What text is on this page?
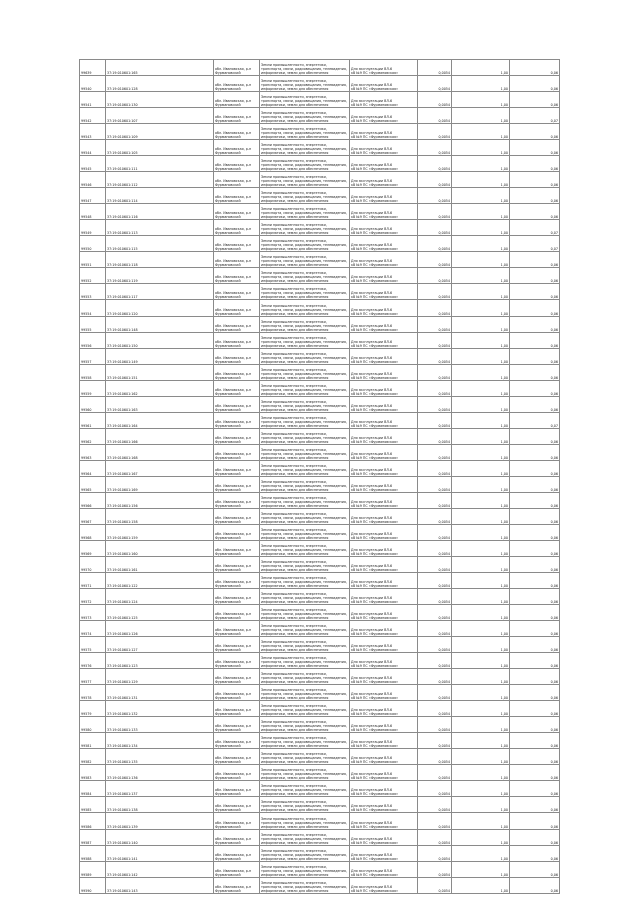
99639	37:19:010601:165	обл. Ивановская, р-н
Фурмановский	Земли промышленности, энергетики,
транспорта, связи, радиовещания, телевидения,
информатики, земли для обеспечения	Для эксплуатации ВЛ-6
кВ №9 ПС «Фурмановская»	0,0054	1,00	0,06
99540	37:19:010601:128	обл. Ивановская, р-н
Фурмановский	Земли промышленности, энергетики,
транспорта, связи, радиовещания, телевидения,
информатики, земли для обеспечения	Для эксплуатации ВЛ-6
кВ №9 ПС «Фурмановская»	0,0054	1,00	0,06
99541	37:19:010601:130	обл. Ивановская, р-н
Фурмановский	Земли промышленности, энергетики,
транспорта, связи, радиовещания, телевидения,
информатики, земли для обеспечения	Для эксплуатации ВЛ-6
кВ №9 ПС «Фурмановская»	0,0054	1,00	0,06
99542	37:19:010601:107	обл. Ивановская, р-н
Фурмановский	Земли промышленности, энергетики,
транспорта, связи, радиовещания, телевидения,
информатики, земли для обеспечения	Для эксплуатации ВЛ-6
кВ №9 ПС «Фурмановская»	0,0054	1,00	0,07
99543	37:19:010601:109	обл. Ивановская, р-н
Фурмановский	Земли промышленности, энергетики,
транспорта, связи, радиовещания, телевидения,
информатики, земли для обеспечения	Для эксплуатации ВЛ-6
кВ №9 ПС «Фурмановская»	0,0054	1,00	0,06
99544	37:19:010601:105	обл. Ивановская, р-н
Фурмановский	Земли промышленности, энергетики,
транспорта, связи, радиовещания, телевидения,
информатики, земли для обеспечения	Для эксплуатации ВЛ-6
кВ №9 ПС «Фурмановская»	0,0054	1,00	0,06
99545	37:19:010601:111	обл. Ивановская, р-н
Фурмановский	Земли промышленности, энергетики,
транспорта, связи, радиовещания, телевидения,
информатики, земли для обеспечения	Для эксплуатации ВЛ-6
кВ №9 ПС «Фурмановская»	0,0054	1,00	0,06
99546	37:19:010601:112	обл. Ивановская, р-н
Фурмановский	Земли промышленности, энергетики,
транспорта, связи, радиовещания, телевидения,
информатики, земли для обеспечения	Для эксплуатации ВЛ-6
кВ №9 ПС «Фурмановская»	0,0054	1,00	0,06
99547	37:19:010601:114	обл. Ивановская, р-н
Фурмановский	Земли промышленности, энергетики,
транспорта, связи, радиовещания, телевидения,
информатики, земли для обеспечения	Для эксплуатации ВЛ-6
кВ №9 ПС «Фурмановская»	0,0054	1,00	0,06
99548	37:19:010601:116	обл. Ивановская, р-н
Фурмановский	Земли промышленности, энергетики,
транспорта, связи, радиовещания, телевидения,
информатики, земли для обеспечения	Для эксплуатации ВЛ-6
кВ №9 ПС «Фурмановская»	0,0054	1,00	0,06
99549	37:19:010601:113	обл. Ивановская, р-н
Фурмановский	Земли промышленности, энергетики,
транспорта, связи, радиовещания, телевидения,
информатики, земли для обеспечения	Для эксплуатации ВЛ-6
кВ №9 ПС «Фурмановская»	0,0054	1,00	0,07
99550	37:19:010601:115	обл. Ивановская, р-н
Фурмановский	Земли промышленности, энергетики,
транспорта, связи, радиовещания, телевидения,
информатики, земли для обеспечения	Для эксплуатации ВЛ-6
кВ №9 ПС «Фурмановская»	0,0054	1,00	0,07
99551	37:19:010601:118	обл. Ивановская, р-н
Фурмановский	Земли промышленности, энергетики,
транспорта, связи, радиовещания, телевидения,
информатики, земли для обеспечения	Для эксплуатации ВЛ-6
кВ №9 ПС «Фурмановская»	0,0054	1,00	0,06
99552	37:19:010601:119	обл. Ивановская, р-н
Фурмановский	Земли промышленности, энергетики,
транспорта, связи, радиовещания, телевидения,
информатики, земли для обеспечения	Для эксплуатации ВЛ-6
кВ №9 ПС «Фурмановская»	0,0054	1,00	0,06
99553	37:19:010601:117	обл. Ивановская, р-н
Фурмановский	Земли промышленности, энергетики,
транспорта, связи, радиовещания, телевидения,
информатики, земли для обеспечения	Для эксплуатации ВЛ-6
кВ №9 ПС «Фурмановская»	0,0054	1,00	0,06
99554	37:19:010601:120	обл. Ивановская, р-н
Фурмановский	Земли промышленности, энергетики,
транспорта, связи, радиовещания, телевидения,
информатики, земли для обеспечения	Для эксплуатации ВЛ-6
кВ №9 ПС «Фурмановская»	0,0054	1,00	0,06
99555	37:19:010601:148	обл. Ивановская, р-н
Фурмановский	Земли промышленности, энергетики,
транспорта, связи, радиовещания, телевидения,
информатики, земли для обеспечения	Для эксплуатации ВЛ-6
кВ №9 ПС «Фурмановская»	0,0054	1,00	0,06
99556	37:19:010601:150	обл. Ивановская, р-н
Фурмановский	Земли промышленности, энергетики,
транспорта, связи, радиовещания, телевидения,
информатики, земли для обеспечения	Для эксплуатации ВЛ-6
кВ №9 ПС «Фурмановская»	0,0054	1,00	0,06
99557	37:19:010601:149	обл. Ивановская, р-н
Фурмановский	Земли промышленности, энергетики,
транспорта, связи, радиовещания, телевидения,
информатики, земли для обеспечения	Для эксплуатации ВЛ-6
кВ №9 ПС «Фурмановская»	0,0054	1,00	0,06
99558	37:19:010601:151	обл. Ивановская, р-н
Фурмановский	Земли промышленности, энергетики,
транспорта, связи, радиовещания, телевидения,
информатики, земли для обеспечения	Для эксплуатации ВЛ-6
кВ №9 ПС «Фурмановская»	0,0054	1,00	0,06
99559	37:19:010601:162	обл. Ивановская, р-н
Фурмановский	Земли промышленности, энергетики,
транспорта, связи, радиовещания, телевидения,
информатики, земли для обеспечения	Для эксплуатации ВЛ-6
кВ №9 ПС «Фурмановская»	0,0054	1,00	0,06
99560	37:19:010601:163	обл. Ивановская, р-н
Фурмановский	Земли промышленности, энергетики,
транспорта, связи, радиовещания, телевидения,
информатики, земли для обеспечения	Для эксплуатации ВЛ-6
кВ №9 ПС «Фурмановская»	0,0054	1,00	0,06
99561	37:19:010601:164	обл. Ивановская, р-н
Фурмановский	Земли промышленности, энергетики,
транспорта, связи, радиовещания, телевидения,
информатики, земли для обеспечения	Для эксплуатации ВЛ-6
кВ №9 ПС «Фурмановская»	0,0054	1,00	0,07
99562	37:19:010601:166	обл. Ивановская, р-н
Фурмановский	Земли промышленности, энергетики,
транспорта, связи, радиовещания, телевидения,
информатики, земли для обеспечения	Для эксплуатации ВЛ-6
кВ №9 ПС «Фурмановская»	0,0054	1,00	0,06
99563	37:19:010601:168	обл. Ивановская, р-н
Фурмановский	Земли промышленности, энергетики,
транспорта, связи, радиовещания, телевидения,
информатики, земли для обеспечения	Для эксплуатации ВЛ-6
кВ №9 ПС «Фурмановская»	0,0054	1,00	0,06
99564	37:19:010601:167	обл. Ивановская, р-н
Фурмановский	Земли промышленности, энергетики,
транспорта, связи, радиовещания, телевидения,
информатики, земли для обеспечения	Для эксплуатации ВЛ-6
кВ №9 ПС «Фурмановская»	0,0054	1,00	0,06
99565	37:19:010601:169	обл. Ивановская, р-н
Фурмановский	Земли промышленности, энергетики,
транспорта, связи, радиовещания, телевидения,
информатики, земли для обеспечения	Для эксплуатации ВЛ-6
кВ №9 ПС «Фурмановская»	0,0054	1,00	0,06
99566	37:19:010601:156	обл. Ивановская, р-н
Фурмановский	Земли промышленности, энергетики,
транспорта, связи, радиовещания, телевидения,
информатики, земли для обеспечения	Для эксплуатации ВЛ-6
кВ №9 ПС «Фурмановская»	0,0054	1,00	0,06
99567	37:19:010601:158	обл. Ивановская, р-н
Фурмановский	Земли промышленности, энергетики,
транспорта, связи, радиовещания, телевидения,
информатики, земли для обеспечения	Для эксплуатации ВЛ-6
кВ №9 ПС «Фурмановская»	0,0054	1,00	0,06
99568	37:19:010601:159	обл. Ивановская, р-н
Фурмановский	Земли промышленности, энергетики,
транспорта, связи, радиовещания, телевидения,
информатики, земли для обеспечения	Для эксплуатации ВЛ-6
кВ №9 ПС «Фурмановская»	0,0054	1,00	0,06
99569	37:19:010601:160	обл. Ивановская, р-н
Фурмановский	Земли промышленности, энергетики,
транспорта, связи, радиовещания, телевидения,
информатики, земли для обеспечения	Для эксплуатации ВЛ-6
кВ №9 ПС «Фурмановская»	0,0054	1,00	0,06
99570	37:19:010601:161	обл. Ивановская, р-н
Фурмановский	Земли промышленности, энергетики,
транспорта, связи, радиовещания, телевидения,
информатики, земли для обеспечения	Для эксплуатации ВЛ-6
кВ №9 ПС «Фурмановская»	0,0054	1,00	0,06
99571	37:19:010601:122	обл. Ивановская, р-н
Фурмановский	Земли промышленности, энергетики,
транспорта, связи, радиовещания, телевидения,
информатики, земли для обеспечения	Для эксплуатации ВЛ-6
кВ №9 ПС «Фурмановская»	0,0054	1,00	0,06
99572	37:19:010601:124	обл. Ивановская, р-н
Фурмановский	Земли промышленности, энергетики,
транспорта, связи, радиовещания, телевидения,
информатики, земли для обеспечения	Для эксплуатации ВЛ-6
кВ №9 ПС «Фурмановская»	0,0054	1,00	0,06
99573	37:19:010601:125	обл. Ивановская, р-н
Фурмановский	Земли промышленности, энергетики,
транспорта, связи, радиовещания, телевидения,
информатики, земли для обеспечения	Для эксплуатации ВЛ-6
кВ №9 ПС «Фурмановская»	0,0054	1,00	0,06
99574	37:19:010601:126	обл. Ивановская, р-н
Фурмановский	Земли промышленности, энергетики,
транспорта, связи, радиовещания, телевидения,
информатики, земли для обеспечения	Для эксплуатации ВЛ-6
кВ №9 ПС «Фурмановская»	0,0054	1,00	0,06
99575	37:19:010601:127	обл. Ивановская, р-н
Фурмановский	Земли промышленности, энергетики,
транспорта, связи, радиовещания, телевидения,
информатики, земли для обеспечения	Для эксплуатации ВЛ-6
кВ №9 ПС «Фурмановская»	0,0054	1,00	0,06
99576	37:19:010601:123	обл. Ивановская, р-н
Фурмановский	Земли промышленности, энергетики,
транспорта, связи, радиовещания, телевидения,
информатики, земли для обеспечения	Для эксплуатации ВЛ-6
кВ №9 ПС «Фурмановская»	0,0054	1,00	0,06
99577	37:19:010601:129	обл. Ивановская, р-н
Фурмановский	Земли промышленности, энергетики,
транспорта, связи, радиовещания, телевидения,
информатики, земли для обеспечения	Для эксплуатации ВЛ-6
кВ №9 ПС «Фурмановская»	0,0054	1,00	0,06
99578	37:19:010601:131	обл. Ивановская, р-н
Фурмановский	Земли промышленности, энергетики,
транспорта, связи, радиовещания, телевидения,
информатики, земли для обеспечения	Для эксплуатации ВЛ-6
кВ №9 ПС «Фурмановская»	0,0054	1,00	0,06
99579	37:19:010601:132	обл. Ивановская, р-н
Фурмановский	Земли промышленности, энергетики,
транспорта, связи, радиовещания, телевидения,
информатики, земли для обеспечения	Для эксплуатации ВЛ-6
кВ №9 ПС «Фурмановская»	0,0054	1,00	0,06
99580	37:19:010601:133	обл. Ивановская, р-н
Фурмановский	Земли промышленности, энергетики,
транспорта, связи, радиовещания, телевидения,
информатики, земли для обеспечения	Для эксплуатации ВЛ-6
кВ №9 ПС «Фурмановская»	0,0054	1,00	0,06
99581	37:19:010601:134	обл. Ивановская, р-н
Фурмановский	Земли промышленности, энергетики,
транспорта, связи, радиовещания, телевидения,
информатики, земли для обеспечения	Для эксплуатации ВЛ-6
кВ №9 ПС «Фурмановская»	0,0054	1,00	0,06
99582	37:19:010601:135	обл. Ивановская, р-н
Фурмановский	Земли промышленности, энергетики,
транспорта, связи, радиовещания, телевидения,
информатики, земли для обеспечения	Для эксплуатации ВЛ-6
кВ №9 ПС «Фурмановская»	0,0054	1,00	0,06
99583	37:19:010601:136	обл. Ивановская, р-н
Фурмановский	Земли промышленности, энергетики,
транспорта, связи, радиовещания, телевидения,
информатики, земли для обеспечения	Для эксплуатации ВЛ-6
кВ №9 ПС «Фурмановская»	0,0054	1,00	0,06
99584	37:19:010601:137	обл. Ивановская, р-н
Фурмановский	Земли промышленности, энергетики,
транспорта, связи, радиовещания, телевидения,
информатики, земли для обеспечения	Для эксплуатации ВЛ-6
кВ №9 ПС «Фурмановская»	0,0054	1,00	0,06
99585	37:19:010601:138	обл. Ивановская, р-н
Фурмановский	Земли промышленности, энергетики,
транспорта, связи, радиовещания, телевидения,
информатики, земли для обеспечения	Для эксплуатации ВЛ-6
кВ №9 ПС «Фурмановская»	0,0054	1,00	0,06
99586	37:19:010601:139	обл. Ивановская, р-н
Фурмановский	Земли промышленности, энергетики,
транспорта, связи, радиовещания, телевидения,
информатики, земли для обеспечения	Для эксплуатации ВЛ-6
кВ №9 ПС «Фурмановская»	0,0054	1,00	0,06
99587	37:19:010601:140	обл. Ивановская, р-н
Фурмановский	Земли промышленности, энергетики,
транспорта, связи, радиовещания, телевидения,
информатики, земли для обеспечения	Для эксплуатации ВЛ-6
кВ №9 ПС «Фурмановская»	0,0054	1,00	0,06
99588	37:19:010601:141	обл. Ивановская, р-н
Фурмановский	Земли промышленности, энергетики,
транспорта, связи, радиовещания, телевидения,
информатики, земли для обеспечения	Для эксплуатации ВЛ-6
кВ №9 ПС «Фурмановская»	0,0054	1,00	0,06
99589	37:19:010601:142	обл. Ивановская, р-н
Фурмановский	Земли промышленности, энергетики,
транспорта, связи, радиовещания, телевидения,
информатики, земли для обеспечения	Для эксплуатации ВЛ-6
кВ №9 ПС «Фурмановская»	0,0054	1,00	0,06
99590	37:19:010601:143	обл. Ивановская, р-н
Фурмановский	Земли промышленности, энергетики,
транспорта, связи, радиовещания, телевидения,
информатики, земли для обеспечения	Для эксплуатации ВЛ-6
кВ №9 ПС «Фурмановская»	0,0054	1,00	0,06
